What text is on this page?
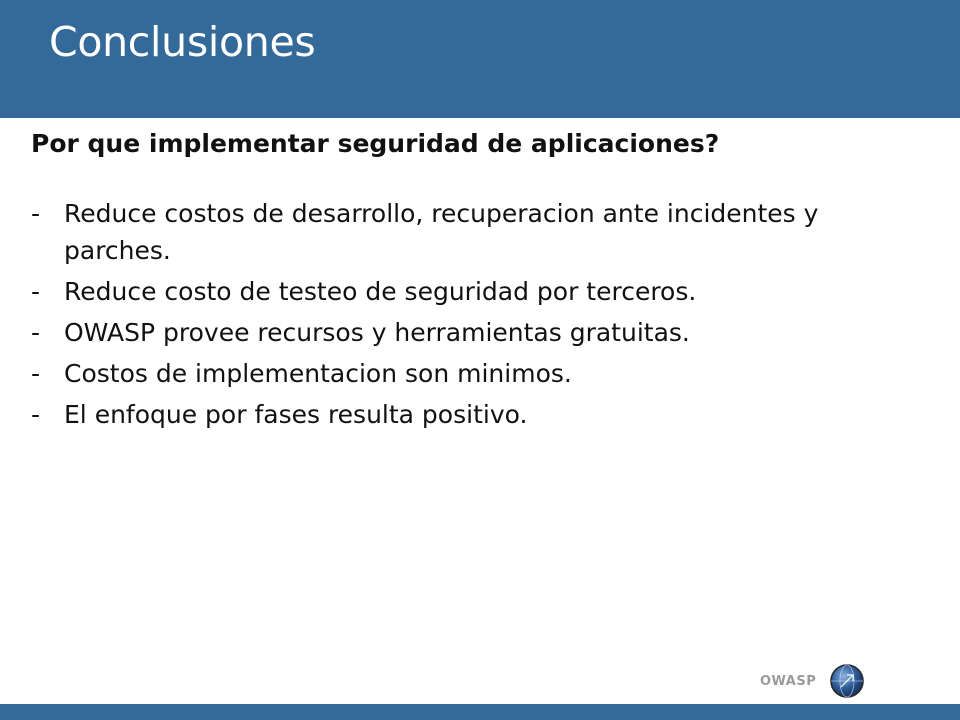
Conclusiones

Por que implementar seguridad de aplicaciones?

- Reduce costos de desarrollo, recuperacion ante incidentes y parches.
- Reduce costo de testeo de seguridad por terceros.
- OWASP provee recursos y herramientas gratuitas.
- Costos de implementacion son minimos.
- El enfoque por fases resulta positivo.
OWASP
